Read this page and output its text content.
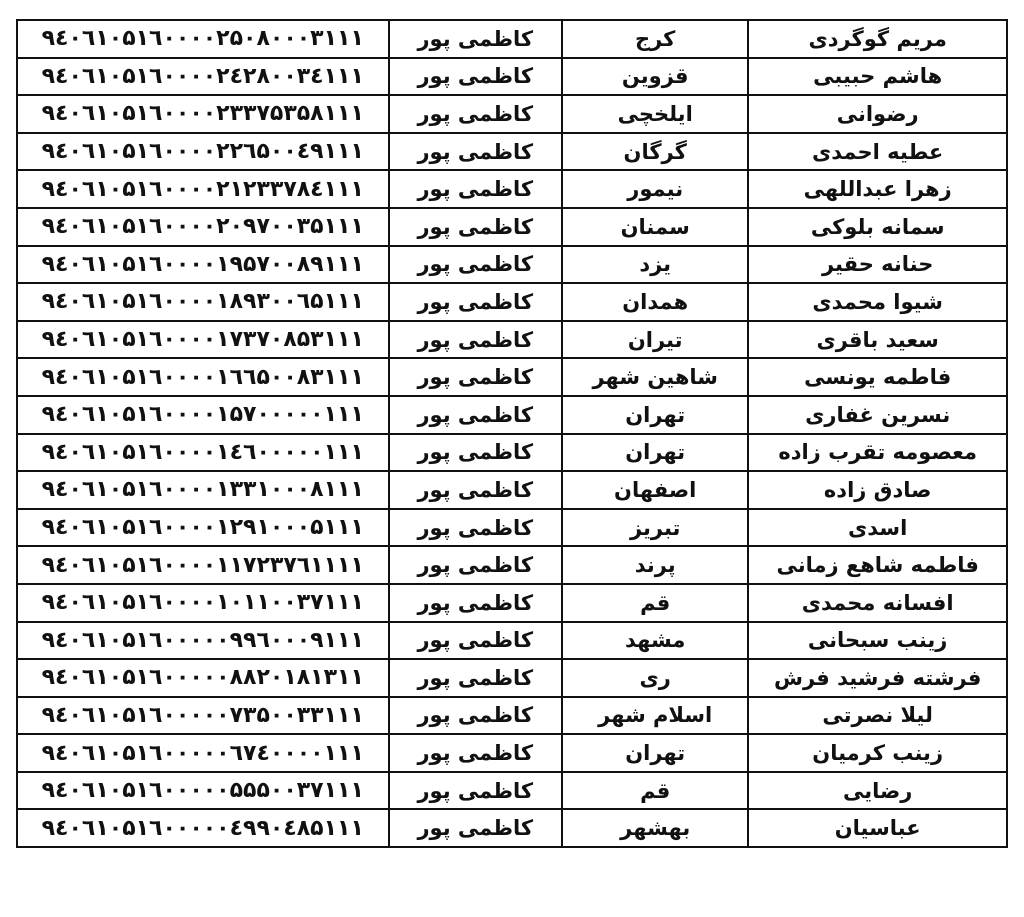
مریم گوگردی	کرج	کاظمی پور	۹٤۰٦۱۰۵۱٦۰۰۰۰۲۵۰۸۰۰۰۳۱۱۱
هاشم حبیبی	قزوین	کاظمی پور	۹٤۰٦۱۰۵۱٦۰۰۰۰۲٤۲۸۰۰۳٤۱۱۱
رضوانی	ایلخچی	کاظمی پور	۹٤۰٦۱۰۵۱٦۰۰۰۰۲۳۳۷۵۳۵۸۱۱۱
عطیه احمدی	گرگان	کاظمی پور	۹٤۰٦۱۰۵۱٦۰۰۰۰۲۲٦۵۰۰٤۹۱۱۱
زهرا عبداللهی	نیمور	کاظمی پور	۹٤۰٦۱۰۵۱٦۰۰۰۰۲۱۲۳۳۷۸٤۱۱۱
سمانه بلوکی	سمنان	کاظمی پور	۹٤۰٦۱۰۵۱٦۰۰۰۰۲۰۹۷۰۰۳۵۱۱۱
حنانه حقیر	یزد	کاظمی پور	۹٤۰٦۱۰۵۱٦۰۰۰۰۱۹۵۷۰۰۸۹۱۱۱
شیوا محمدی	همدان	کاظمی پور	۹٤۰٦۱۰۵۱٦۰۰۰۰۱۸۹۳۰۰٦۵۱۱۱
سعید باقری	تیران	کاظمی پور	۹٤۰٦۱۰۵۱٦۰۰۰۰۱۷۳۷۰۸۵۳۱۱۱
فاطمه یونسی	شاهین شهر	کاظمی پور	۹٤۰٦۱۰۵۱٦۰۰۰۰۱٦٦۵۰۰۸۳۱۱۱
نسرین غفاری	تهران	کاظمی پور	۹٤۰٦۱۰۵۱٦۰۰۰۰۱۵۷۰۰۰۰۰۱۱۱
معصومه تقرب زاده	تهران	کاظمی پور	۹٤۰٦۱۰۵۱٦۰۰۰۰۱٤٦۰۰۰۰۰۱۱۱
صادق زاده	اصفهان	کاظمی پور	۹٤۰٦۱۰۵۱٦۰۰۰۰۱۳۳۱۰۰۰۸۱۱۱
اسدی	تبریز	کاظمی پور	۹٤۰٦۱۰۵۱٦۰۰۰۰۱۲۹۱۰۰۰۵۱۱۱
فاطمه شاهع زمانی	پرند	کاظمی پور	۹٤۰٦۱۰۵۱٦۰۰۰۰۱۱۷۲۳۷٦۱۱۱۱
افسانه محمدی	قم	کاظمی پور	۹٤۰٦۱۰۵۱٦۰۰۰۰۱۰۱۱۰۰۳۷۱۱۱
زینب سبحانی	مشهد	کاظمی پور	۹٤۰٦۱۰۵۱٦۰۰۰۰۰۹۹٦۰۰۰۹۱۱۱
فرشته فرشید فرش	ری	کاظمی پور	۹٤۰٦۱۰۵۱٦۰۰۰۰۰۸۸۲۰۱۸۱۳۱۱
لیلا نصرتی	اسلام شهر	کاظمی پور	۹٤۰٦۱۰۵۱٦۰۰۰۰۰۷۳۵۰۰۳۳۱۱۱
زینب کرمیان	تهران	کاظمی پور	۹٤۰٦۱۰۵۱٦۰۰۰۰۰٦۷٤۰۰۰۰۱۱۱
رضایی	قم	کاظمی پور	۹٤۰٦۱۰۵۱٦۰۰۰۰۰۵۵۵۰۰۳۷۱۱۱
عباسیان	بهشهر	کاظمی پور	۹٤۰٦۱۰۵۱٦۰۰۰۰۰٤۹۹۰٤۸۵۱۱۱
